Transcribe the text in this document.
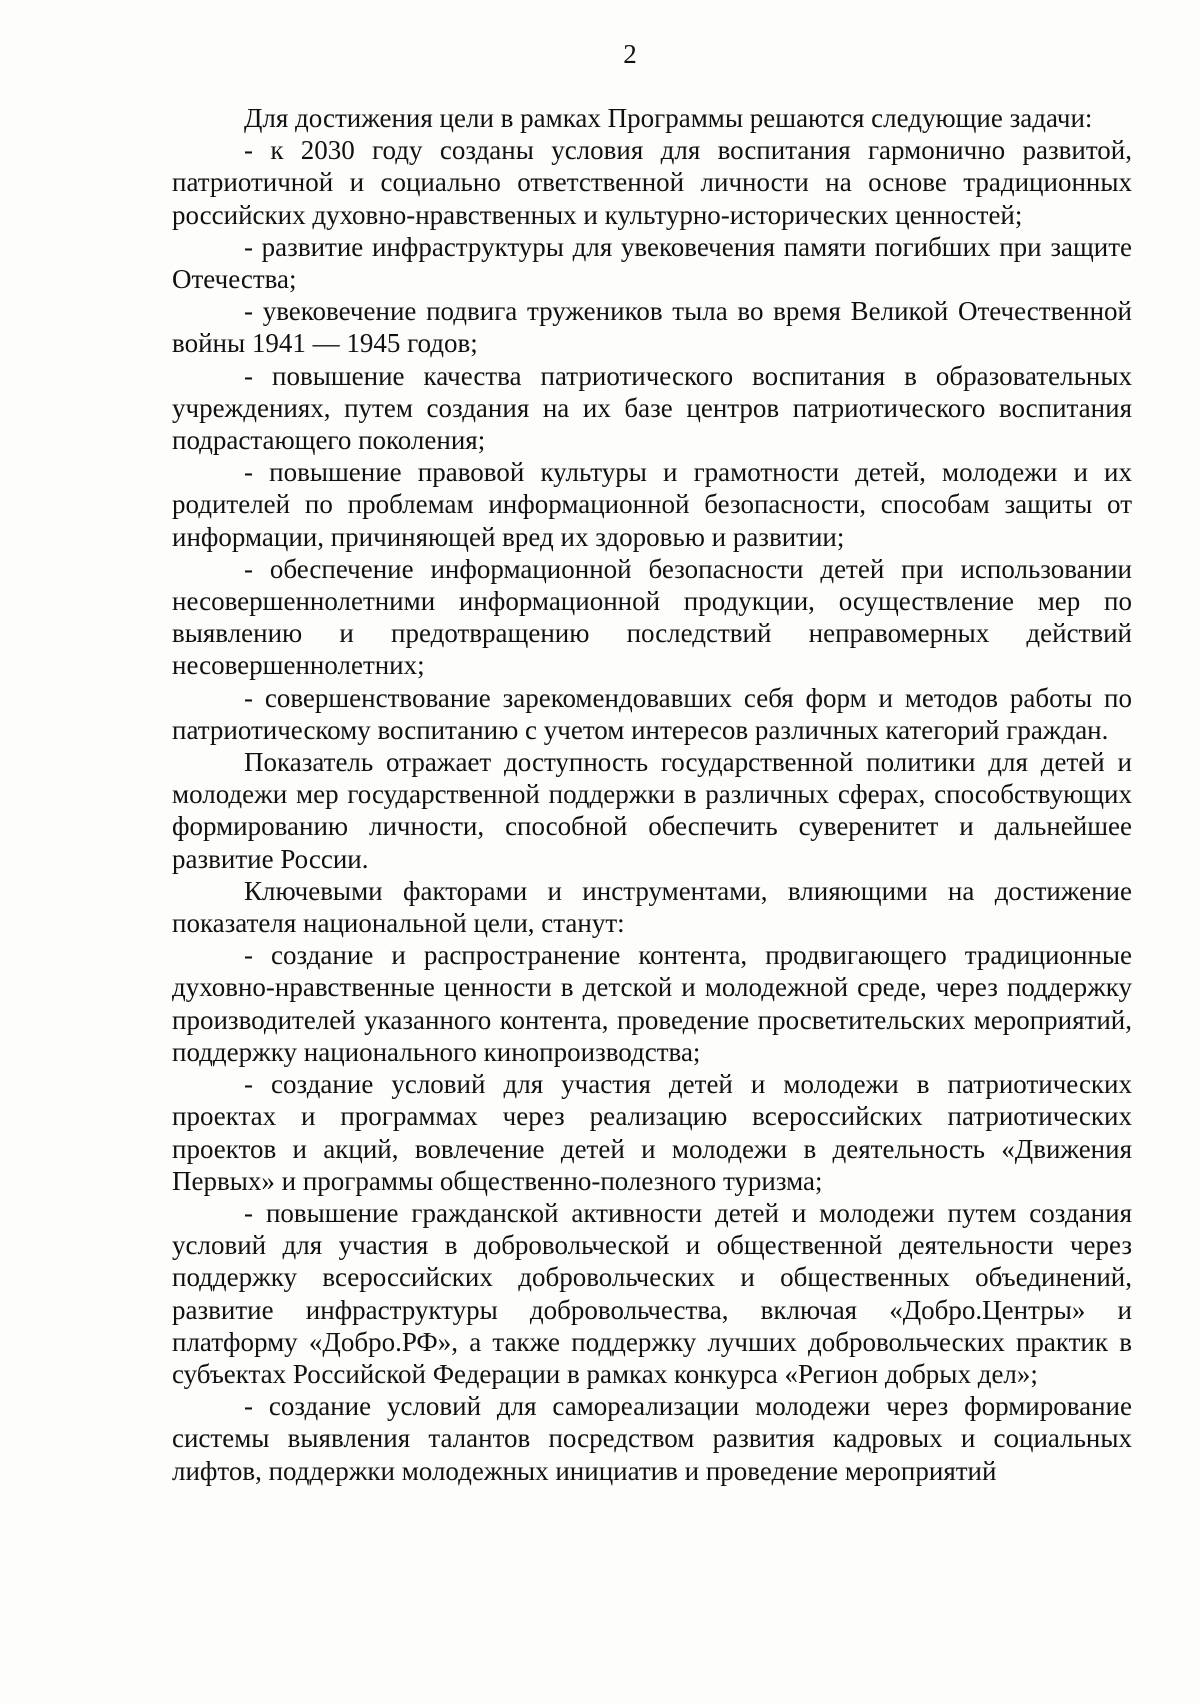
2

Для достижения цели в рамках Программы решаются следующие задачи:

- к 2030 году созданы условия для воспитания гармонично развитой, патриотичной и социально ответственной личности на основе традиционных российских духовно-нравственных и культурно-исторических ценностей;

- развитие инфраструктуры для увековечения памяти погибших при защите Отечества;

- увековечение подвига тружеников тыла во время Великой Отечественной войны 1941 — 1945 годов;

- повышение качества патриотического воспитания в образовательных учреждениях, путем создания на их базе центров патриотического воспитания подрастающего поколения;

- повышение правовой культуры и грамотности детей, молодежи и их родителей по проблемам информационной безопасности, способам защиты от информации, причиняющей вред их здоровью и развитии;

- обеспечение информационной безопасности детей при использовании несовершеннолетними информационной продукции, осуществление мер по выявлению и предотвращению последствий неправомерных действий несовершеннолетних;

- совершенствование зарекомендовавших себя форм и методов работы по патриотическому воспитанию с учетом интересов различных категорий граждан.

Показатель отражает доступность государственной политики для детей и молодежи мер государственной поддержки в различных сферах, способствующих формированию личности, способной обеспечить суверенитет и дальнейшее развитие России.

Ключевыми факторами и инструментами, влияющими на достижение показателя национальной цели, станут:

- создание и распространение контента, продвигающего традиционные духовно-нравственные ценности в детской и молодежной среде, через поддержку производителей указанного контента, проведение просветительских мероприятий, поддержку национального кинопроизводства;

- создание условий для участия детей и молодежи в патриотических проектах и программах через реализацию всероссийских патриотических проектов и акций, вовлечение детей и молодежи в деятельность «Движения Первых» и программы общественно-полезного туризма;

- повышение гражданской активности детей и молодежи путем создания условий для участия в добровольческой и общественной деятельности через поддержку всероссийских добровольческих и общественных объединений, развитие инфраструктуры добровольчества, включая «Добро.Центры» и платформу «Добро.РФ», а также поддержку лучших добровольческих практик в субъектах Российской Федерации в рамках конкурса «Регион добрых дел»;

- создание условий для самореализации молодежи через формирование системы выявления талантов посредством развития кадровых и социальных лифтов, поддержки молодежных инициатив и проведение мероприятий
